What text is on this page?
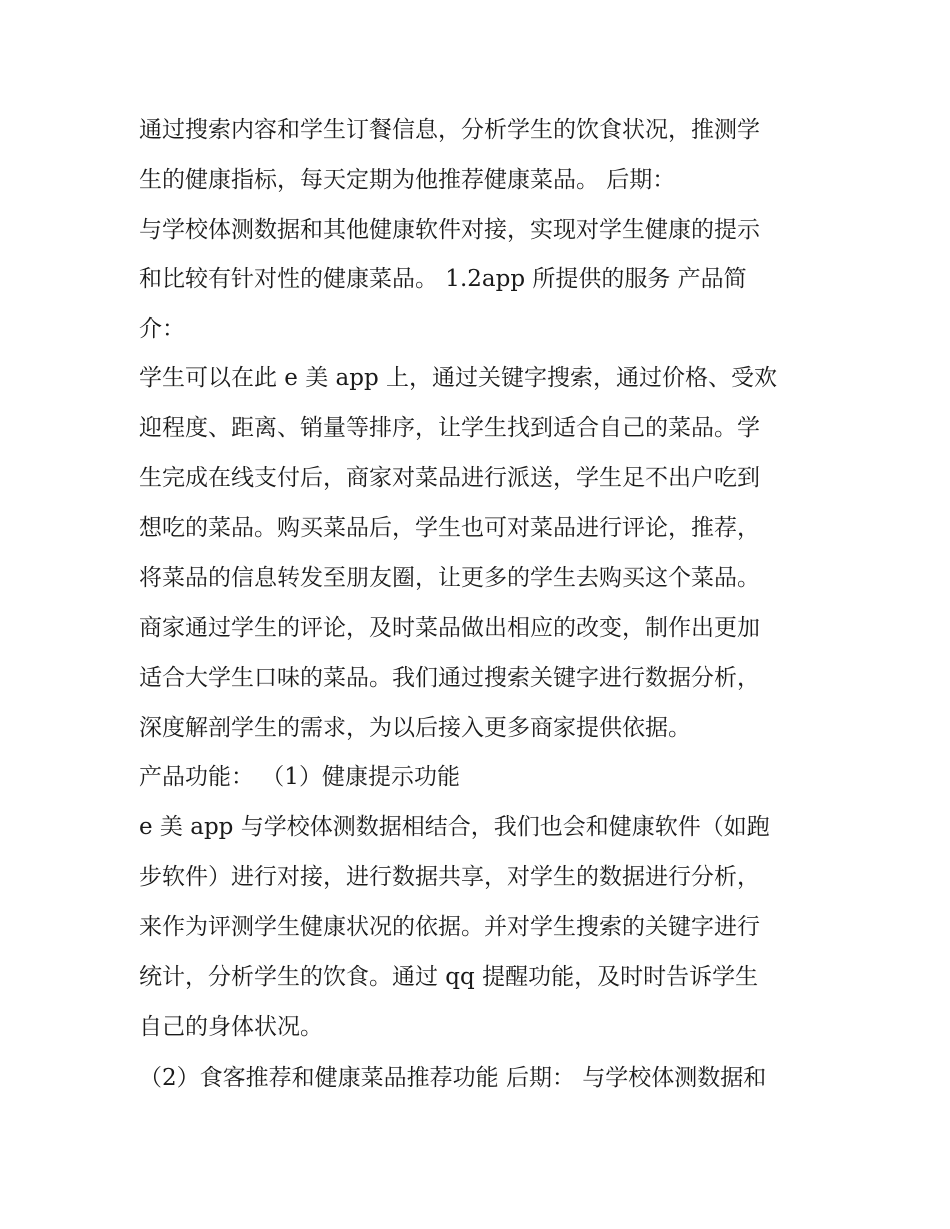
通过搜索内容和学生订餐信息，分析学生的饮食状况，推测学
生的健康指标，每天定期为他推荐健康菜品。 后期：
与学校体测数据和其他健康软件对接，实现对学生健康的提示
和比较有针对性的健康菜品。 1.2app 所提供的服务 产品简
介：
学生可以在此 e 美 app 上，通过关键字搜索，通过价格、受欢
迎程度、距离、销量等排序，让学生找到适合自己的菜品。学
生完成在线支付后，商家对菜品进行派送，学生足不出户吃到
想吃的菜品。购买菜品后，学生也可对菜品进行评论，推荐，
将菜品的信息转发至朋友圈，让更多的学生去购买这个菜品。
商家通过学生的评论，及时菜品做出相应的改变，制作出更加
适合大学生口味的菜品。我们通过搜索关键字进行数据分析，
深度解剖学生的需求，为以后接入更多商家提供依据。
产品功能： （1）健康提示功能
e 美 app 与学校体测数据相结合，我们也会和健康软件（如跑
步软件）进行对接，进行数据共享，对学生的数据进行分析，
来作为评测学生健康状况的依据。并对学生搜索的关键字进行
统计，分析学生的饮食。通过 qq 提醒功能，及时时告诉学生
自己的身体状况。
（2）食客推荐和健康菜品推荐功能 后期： 与学校体测数据和
